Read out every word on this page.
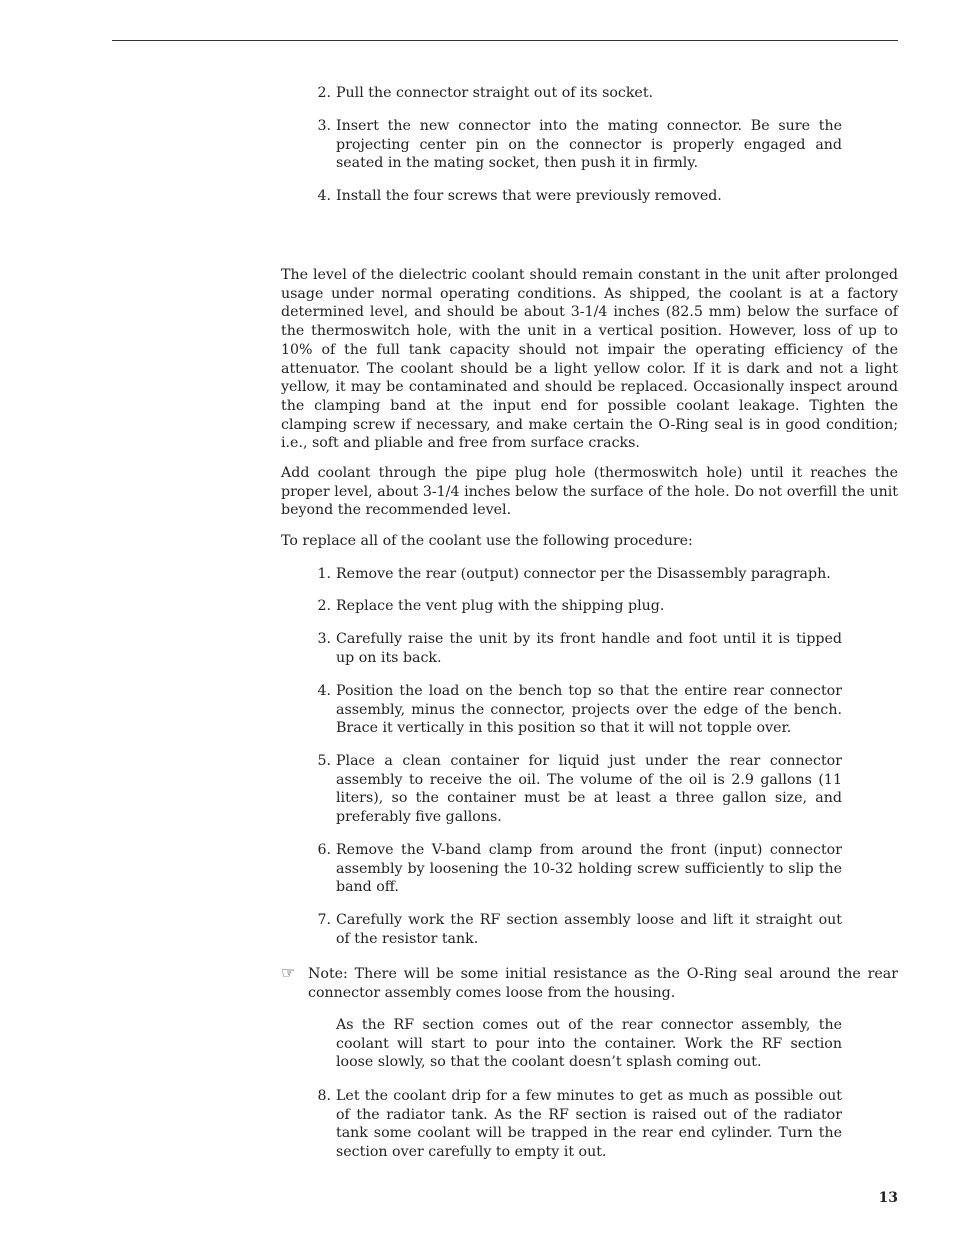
2. Pull the connector straight out of its socket.
3. Insert the new connector into the mating connector. Be sure the projecting center pin on the connector is properly engaged and seated in the mating socket, then push it in firmly.
4. Install the four screws that were previously removed.
The level of the dielectric coolant should remain constant in the unit after prolonged usage under normal operating conditions. As shipped, the coolant is at a factory determined level, and should be about 3-1/4 inches (82.5 mm) below the surface of the thermoswitch hole, with the unit in a vertical position. However, loss of up to 10% of the full tank capacity should not impair the operating efficiency of the attenuator. The coolant should be a light yellow color. If it is dark and not a light yellow, it may be contaminated and should be replaced. Occasionally inspect around the clamping band at the input end for possible coolant leakage. Tighten the clamping screw if necessary, and make certain the O-Ring seal is in good condition; i.e., soft and pliable and free from surface cracks.
Add coolant through the pipe plug hole (thermoswitch hole) until it reaches the proper level, about 3-1/4 inches below the surface of the hole. Do not overfill the unit beyond the recommended level.
To replace all of the coolant use the following procedure:
1. Remove the rear (output) connector per the Disassembly paragraph.
2. Replace the vent plug with the shipping plug.
3. Carefully raise the unit by its front handle and foot until it is tipped up on its back.
4. Position the load on the bench top so that the entire rear connector assembly, minus the connector, projects over the edge of the bench. Brace it vertically in this position so that it will not topple over.
5. Place a clean container for liquid just under the rear connector assembly to receive the oil. The volume of the oil is 2.9 gallons (11 liters), so the container must be at least a three gallon size, and preferably five gallons.
6. Remove the V-band clamp from around the front (input) connector assembly by loosening the 10-32 holding screw sufficiently to slip the band off.
7. Carefully work the RF section assembly loose and lift it straight out of the resistor tank.
☞ Note: There will be some initial resistance as the O-Ring seal around the rear connector assembly comes loose from the housing.
As the RF section comes out of the rear connector assembly, the coolant will start to pour into the container. Work the RF section loose slowly, so that the coolant doesn’t splash coming out.
8. Let the coolant drip for a few minutes to get as much as possible out of the radiator tank. As the RF section is raised out of the radiator tank some coolant will be trapped in the rear end cylinder. Turn the section over carefully to empty it out.
13
